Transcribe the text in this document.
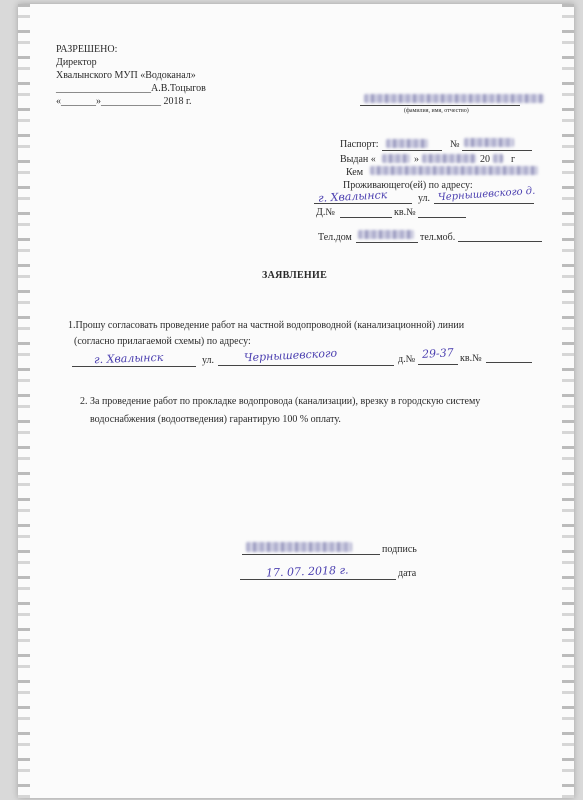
РАЗРЕШЕНО:
Директор
Хвалынского МУП «Водоканал»
___________________А.В.Тоцыгов
«_______»____________ 2018 г.
(фамилия, имя, отчество)
Паспорт:	№
Выдан «	»	20 г
Кем
Проживающего(ей) по адресу:
г. Хвалынск	ул. Чернышевского д.
Д.№	кв.№
Тел.дом	тел.моб.
ЗАЯВЛЕНИЕ
1.Прошу согласовать проведение работ на частной водопроводной (канализационной) линии
(согласно прилагаемой схемы) по адресу:
г. Хвалынск	ул.	Чернышевского	д.№ 29-37 кв.№
2. За проведение работ по прокладке водопровода (канализации), врезку в городскую систему
водоснабжения (водоотведения) гарантирую 100 % оплату.
подпись
17. 07. 2018 г.	дата
